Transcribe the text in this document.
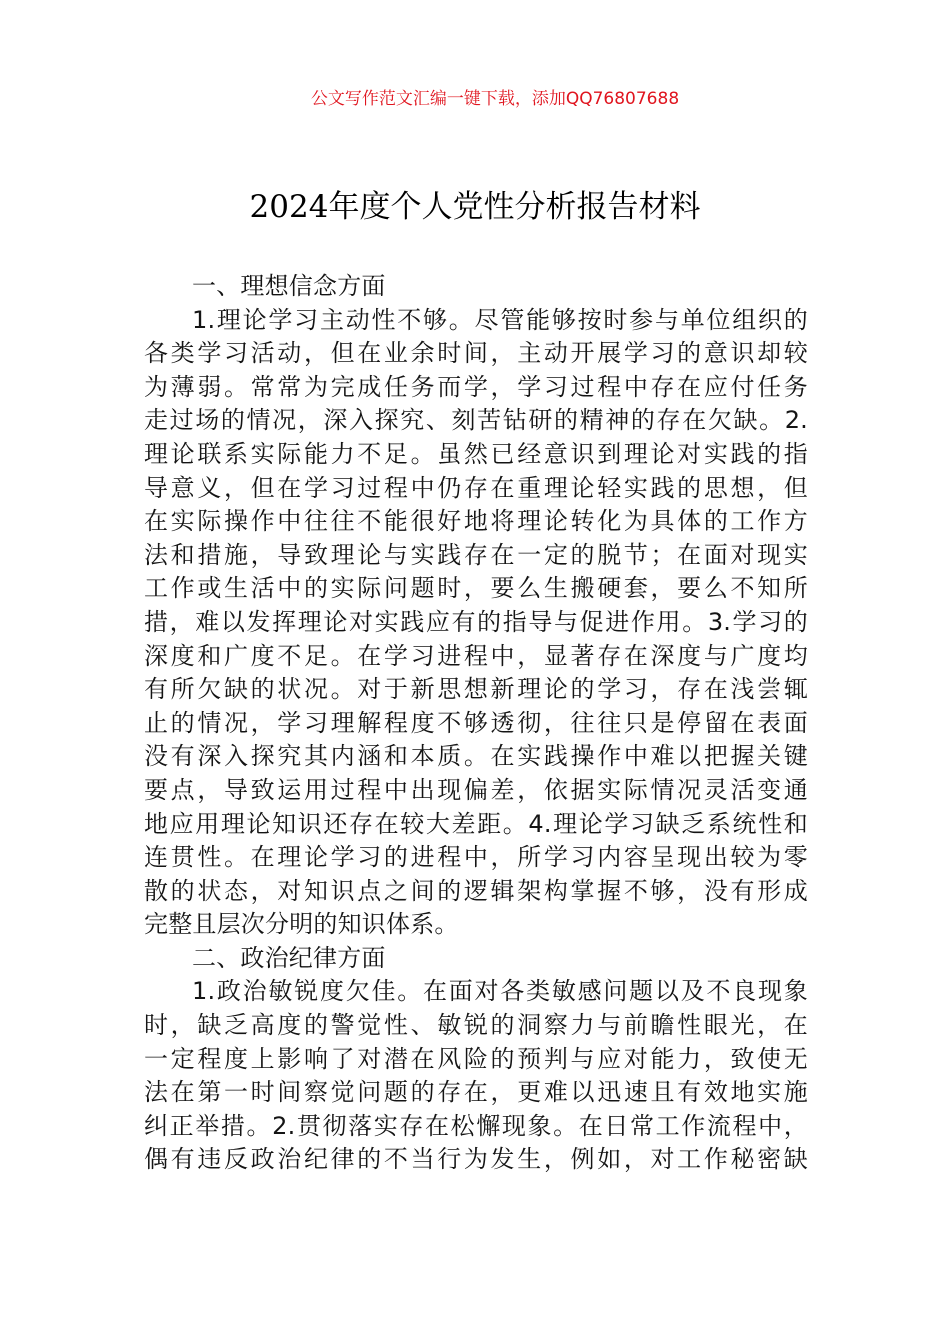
公文写作范文汇编一键下载，添加QQ76807688
2024年度个人党性分析报告材料
一、理想信念方面
1.理论学习主动性不够。尽管能够按时参与单位组织的
各类学习活动，但在业余时间，主动开展学习的意识却较
为薄弱。常常为完成任务而学，学习过程中存在应付任务
走过场的情况，深入探究、刻苦钻研的精神的存在欠缺。2.
理论联系实际能力不足。虽然已经意识到理论对实践的指
导意义，但在学习过程中仍存在重理论轻实践的思想，但
在实际操作中往往不能很好地将理论转化为具体的工作方
法和措施，导致理论与实践存在一定的脱节；在面对现实
工作或生活中的实际问题时，要么生搬硬套，要么不知所
措，难以发挥理论对实践应有的指导与促进作用。3.学习的
深度和广度不足。在学习进程中，显著存在深度与广度均
有所欠缺的状况。对于新思想新理论的学习，存在浅尝辄
止的情况，学习理解程度不够透彻，往往只是停留在表面
没有深入探究其内涵和本质。在实践操作中难以把握关键
要点，导致运用过程中出现偏差，依据实际情况灵活变通
地应用理论知识还存在较大差距。4.理论学习缺乏系统性和
连贯性。在理论学习的进程中，所学习内容呈现出较为零
散的状态，对知识点之间的逻辑架构掌握不够，没有形成
完整且层次分明的知识体系。
二、政治纪律方面
1.政治敏锐度欠佳。在面对各类敏感问题以及不良现象
时，缺乏高度的警觉性、敏锐的洞察力与前瞻性眼光，在
一定程度上影响了对潜在风险的预判与应对能力，致使无
法在第一时间察觉问题的存在，更难以迅速且有效地实施
纠正举措。2.贯彻落实存在松懈现象。在日常工作流程中，
偶有违反政治纪律的不当行为发生，例如，对工作秘密缺
